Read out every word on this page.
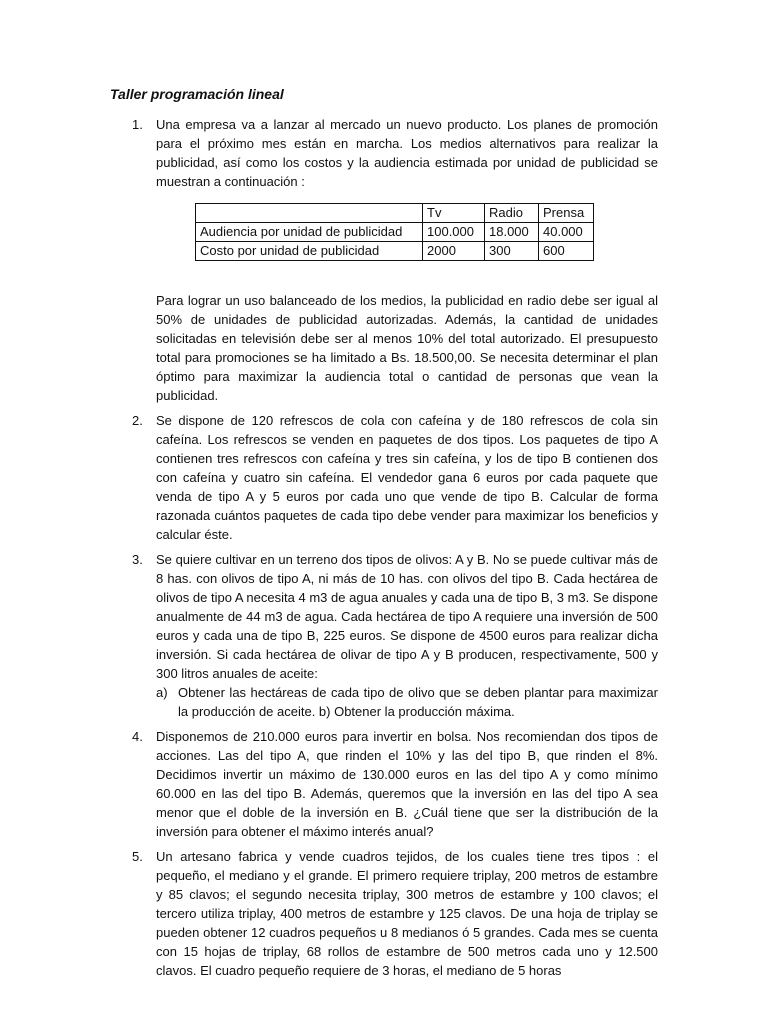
Taller programación lineal
1. Una empresa va a lanzar al mercado un nuevo producto. Los planes de promoción para el próximo mes están en marcha. Los medios alternativos para realizar la publicidad, así como los costos y la audiencia estimada por unidad de publicidad se muestran a continuación :

	Tv	Radio	Prensa
Audiencia por unidad de publicidad	100.000	18.000	40.000
Costo por unidad de publicidad	2000	300	600

Para lograr un uso balanceado de los medios, la publicidad en radio debe ser igual al 50% de unidades de publicidad autorizadas. Además, la cantidad de unidades solicitadas en televisión debe ser al menos 10% del total autorizado. El presupuesto total para promociones se ha limitado a Bs. 18.500,00. Se necesita determinar el plan óptimo para maximizar la audiencia total o cantidad de personas que vean la publicidad.

2. Se dispone de 120 refrescos de cola con cafeína y de 180 refrescos de cola sin cafeína. Los refrescos se venden en paquetes de dos tipos. Los paquetes de tipo A contienen tres refrescos con cafeína y tres sin cafeína, y los de tipo B contienen dos con cafeína y cuatro sin cafeína. El vendedor gana 6 euros por cada paquete que venda de tipo A y 5 euros por cada uno que vende de tipo B. Calcular de forma razonada cuántos paquetes de cada tipo debe vender para maximizar los beneficios y calcular éste.

3. Se quiere cultivar en un terreno dos tipos de olivos: A y B. No se puede cultivar más de 8 has. con olivos de tipo A, ni más de 10 has. con olivos del tipo B. Cada hectárea de olivos de tipo A necesita 4 m3 de agua anuales y cada una de tipo B, 3 m3. Se dispone anualmente de 44 m3 de agua. Cada hectárea de tipo A requiere una inversión de 500 euros y cada una de tipo B, 225 euros. Se dispone de 4500 euros para realizar dicha inversión. Si cada hectárea de olivar de tipo A y B producen, respectivamente, 500 y 300 litros anuales de aceite:

a) Obtener las hectáreas de cada tipo de olivo que se deben plantar para maximizar la producción de aceite. b) Obtener la producción máxima.

4. Disponemos de 210.000 euros para invertir en bolsa. Nos recomiendan dos tipos de acciones. Las del tipo A, que rinden el 10% y las del tipo B, que rinden el 8%. Decidimos invertir un máximo de 130.000 euros en las del tipo A y como mínimo 60.000 en las del tipo B. Además, queremos que la inversión en las del tipo A sea menor que el doble de la inversión en B. ¿Cuál tiene que ser la distribución de la inversión para obtener el máximo interés anual?

5. Un artesano fabrica y vende cuadros tejidos, de los cuales tiene tres tipos : el pequeño, el mediano y el grande. El primero requiere triplay, 200 metros de estambre y 85 clavos; el segundo necesita triplay, 300 metros de estambre y 100 clavos; el tercero utiliza triplay, 400 metros de estambre y 125 clavos. De una hoja de triplay se pueden obtener 12 cuadros pequeños u 8 medianos ó 5 grandes. Cada mes se cuenta con 15 hojas de triplay, 68 rollos de estambre de 500 metros cada uno y 12.500 clavos. El cuadro pequeño requiere de 3 horas, el mediano de 5 horas
